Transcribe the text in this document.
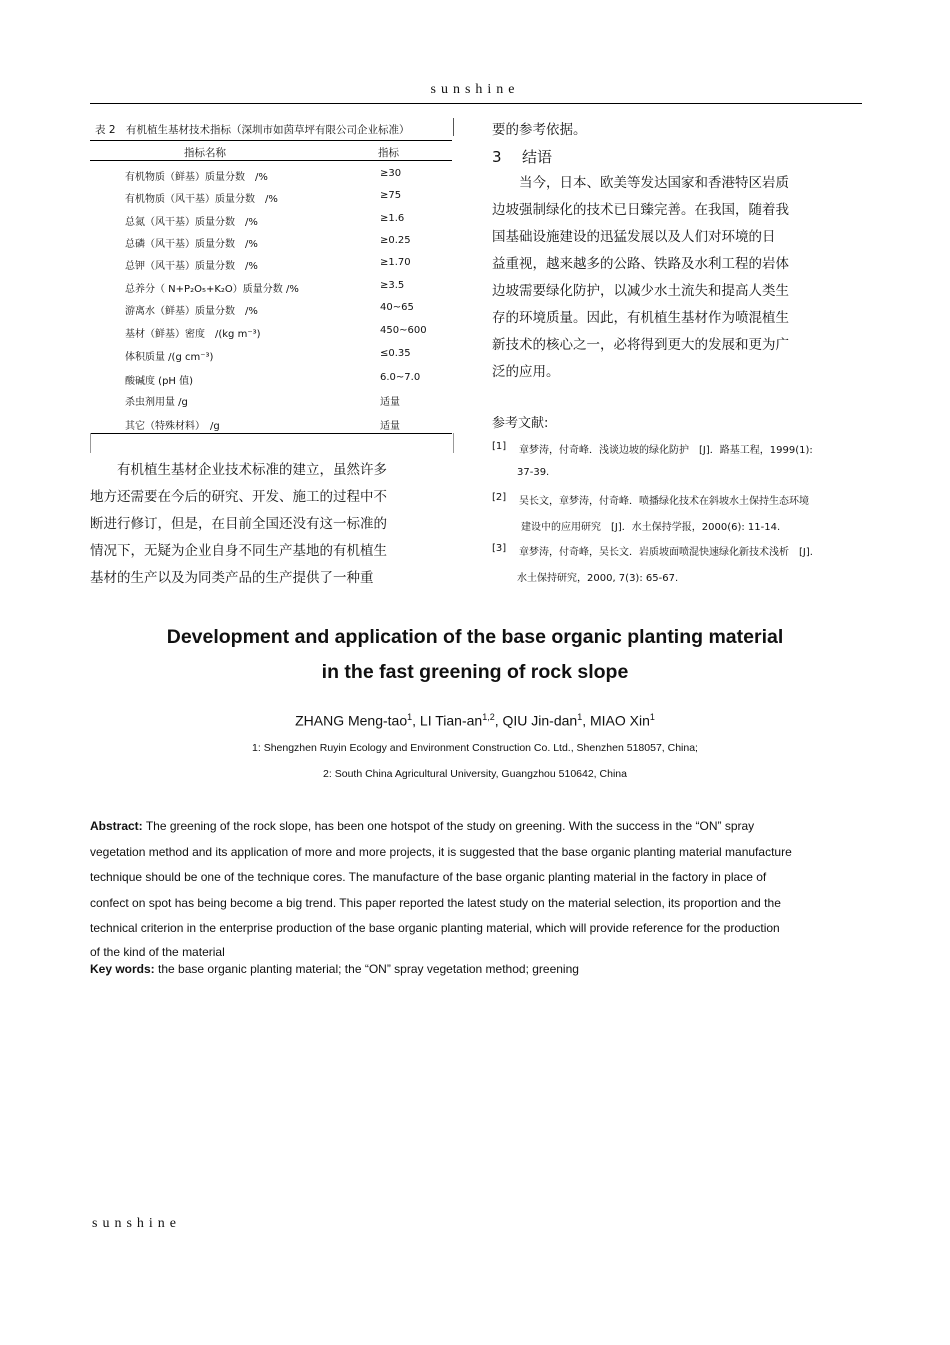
sunshine
表 2　有机植生基材技术指标（深圳市如茵草坪有限公司企业标准）
指标名称	指标
有机物质（鲜基）质量分数　/%	≥30
有机物质（风干基）质量分数　/%	≥75
总氮（风干基）质量分数　/%	≥1.6
总磷（风干基）质量分数　/%	≥0.25
总钾（风干基）质量分数　/%	≥1.70
总养分（ N+P₂O₅+K₂O）质量分数 /%	≥3.5
游离水（鲜基）质量分数　/%	40~65
基材（鲜基）密度　/(kg m⁻³)	450~600
体积质量 /(g cm⁻³)	≤0.35
酸碱度 (pH 值)	6.0~7.0
杀虫剂用量 /g	适量
其它（特殊材料）　/g	适量
　　有机植生基材企业技术标准的建立，虽然许多
地方还需要在今后的研究、开发、施工的过程中不
断进行修订，但是，在目前全国还没有这一标准的
情况下，无疑为企业自身不同生产基地的有机植生
基材的生产以及为同类产品的生产提供了一种重
要的参考依据。
3 结语
　　当今，日本、欧美等发达国家和香港特区岩质
边坡强制绿化的技术已日臻完善。在我国，随着我
国基础设施建设的迅猛发展以及人们对环境的日
益重视，越来越多的公路、铁路及水利工程的岩体
边坡需要绿化防护，以减少水土流失和提高人类生
存的环境质量。因此，有机植生基材作为喷混植生
新技术的核心之一，必将得到更大的发展和更为广
泛的应用。
参考文献:
[1] 章梦涛，付奇峰．浅谈边坡的绿化防护　[J]．路基工程，1999(1):
37-39.
[2] 吴长文，章梦涛，付奇峰．喷播绿化技术在斜坡水土保持生态环境
建设中的应用研究　[J]．水土保持学报，2000(6): 11-14.
[3] 章梦涛，付奇峰，吴长文．岩质坡面喷混快速绿化新技术浅析　[J].
水土保持研究，2000, 7(3): 65-67.
Development and application of the base organic planting material
in the fast greening of rock slope
ZHANG Meng-tao$^1$, LI Tian-an$^{1,2}$, QIU Jin-dan$^1$, MIAO Xin$^1$
1: Shengzhen Ruyin Ecology and Environment Construction Co. Ltd., Shenzhen 518057, China;
2: South China Agricultural University, Guangzhou 510642, China
Abstract: The greening of the rock slope, has been one hotspot of the study on greening. With the success in the “ON” spray
vegetation method and its application of more and more projects, it is suggested that the base organic planting material manufacture
technique should be one of the technique cores. The manufacture of the base organic planting material in the factory in place of
confect on spot has being become a big trend. This paper reported the latest study on the material selection, its proportion and the
technical criterion in the enterprise production of the base organic planting material, which will provide reference for the production
of the kind of the material
Key words: the base organic planting material; the “ON” spray vegetation method; greening
sunshine
